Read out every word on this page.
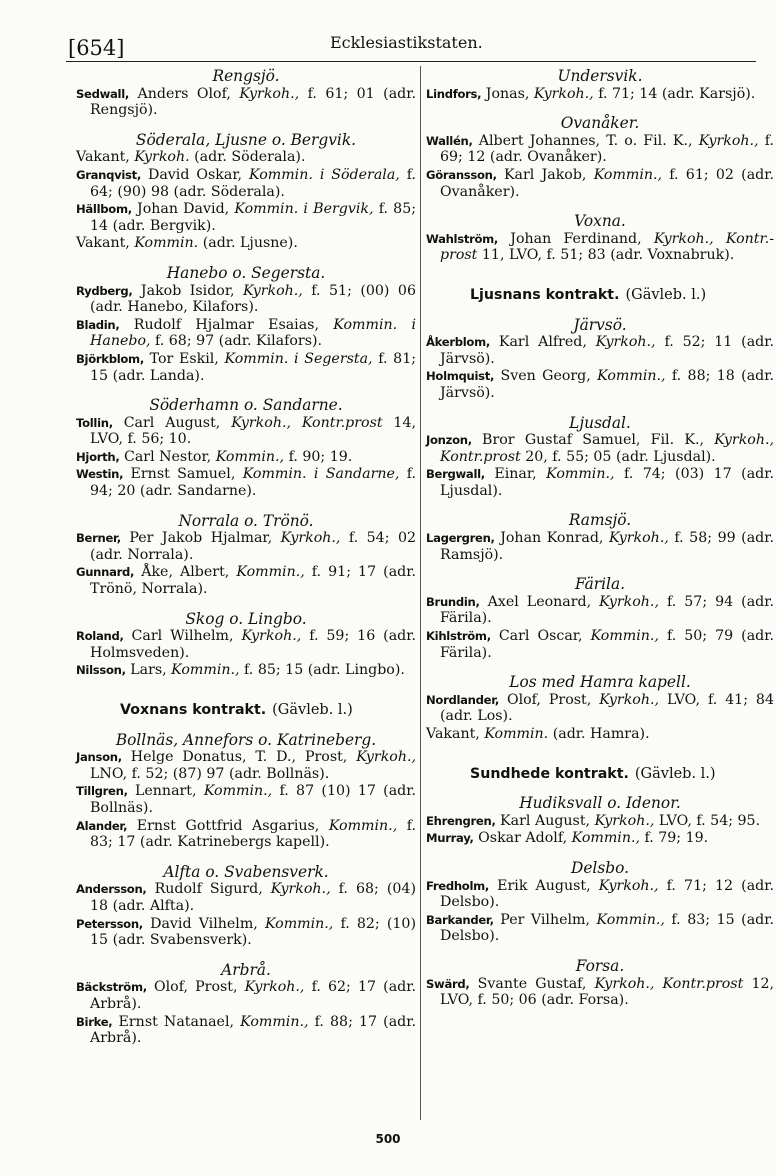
[654]	Ecklesiastikstaten.
Rengsjö.
Sedwall, Anders Olof, Kyrkoh., f. 61; 01 (adr. Rengsjö).
Söderala, Ljusne o. Bergvik.
Vakant, Kyrkoh. (adr. Söderala).
Granqvist, David Oskar, Kommin. i Söderala, f. 64; (90) 98 (adr. Söderala).
Hällbom, Johan David, Kommin. i Bergvik, f. 85; 14 (adr. Bergvik).
Vakant, Kommin. (adr. Ljusne).
Hanebo o. Segersta.
Rydberg, Jakob Isidor, Kyrkoh., f. 51; (00) 06 (adr. Hanebo, Kilafors).
Bladin, Rudolf Hjalmar Esaias, Kommin. i Hanebo, f. 68; 97 (adr. Kilafors).
Björkblom, Tor Eskil, Kommin. i Segersta, f. 81; 15 (adr. Landa).
Söderhamn o. Sandarne.
Tollin, Carl August, Kyrkoh., Kontr.prost 14, LVO, f. 56; 10.
Hjorth, Carl Nestor, Kommin., f. 90; 19.
Westin, Ernst Samuel, Kommin. i Sandarne, f. 94; 20 (adr. Sandarne).
Norrala o. Trönö.
Berner, Per Jakob Hjalmar, Kyrkoh., f. 54; 02 (adr. Norrala).
Gunnard, Åke, Albert, Kommin., f. 91; 17 (adr. Trönö, Norrala).
Skog o. Lingbo.
Roland, Carl Wilhelm, Kyrkoh., f. 59; 16 (adr. Holmsveden).
Nilsson, Lars, Kommin., f. 85; 15 (adr. Lingbo).
Voxnans kontrakt. (Gävleb. l.)
Bollnäs, Annefors o. Katrineberg.
Janson, Helge Donatus, T. D., Prost, Kyrkoh., LNO, f. 52; (87) 97 (adr. Bollnäs).
Tillgren, Lennart, Kommin., f. 87 (10) 17 (adr. Bollnäs).
Alander, Ernst Gottfrid Asgarius, Kommin., f. 83; 17 (adr. Katrinebergs kapell).
Alfta o. Svabensverk.
Andersson, Rudolf Sigurd, Kyrkoh., f. 68; (04) 18 (adr. Alfta).
Petersson, David Vilhelm, Kommin., f. 82; (10) 15 (adr. Svabensverk).
Arbrå.
Bäckström, Olof, Prost, Kyrkoh., f. 62; 17 (adr. Arbrå).
Birke, Ernst Natanael, Kommin., f. 88; 17 (adr. Arbrå).
Undersvik.
Lindfors, Jonas, Kyrkoh., f. 71; 14 (adr. Karsjö).
Ovanåker.
Wallén, Albert Johannes, T. o. Fil. K., Kyrkoh., f. 69; 12 (adr. Ovanåker).
Göransson, Karl Jakob, Kommin., f. 61; 02 (adr. Ovanåker).
Voxna.
Wahlström, Johan Ferdinand, Kyrkoh., Kontr.-prost 11, LVO, f. 51; 83 (adr. Voxnabruk).
Ljusnans kontrakt. (Gävleb. l.)
Järvsö.
Åkerblom, Karl Alfred, Kyrkoh., f. 52; 11 (adr. Järvsö).
Holmquist, Sven Georg, Kommin., f. 88; 18 (adr. Järvsö).
Ljusdal.
Jonzon, Bror Gustaf Samuel, Fil. K., Kyrkoh., Kontr.prost 20, f. 55; 05 (adr. Ljusdal).
Bergwall, Einar, Kommin., f. 74; (03) 17 (adr. Ljusdal).
Ramsjö.
Lagergren, Johan Konrad, Kyrkoh., f. 58; 99 (adr. Ramsjö).
Färila.
Brundin, Axel Leonard, Kyrkoh., f. 57; 94 (adr. Färila).
Kihlström, Carl Oscar, Kommin., f. 50; 79 (adr. Färila).
Los med Hamra kapell.
Nordlander, Olof, Prost, Kyrkoh., LVO, f. 41; 84 (adr. Los).
Vakant, Kommin. (adr. Hamra).
Sundhede kontrakt. (Gävleb. l.)
Hudiksvall o. Idenor.
Ehrengren, Karl August, Kyrkoh., LVO, f. 54; 95.
Murray, Oskar Adolf, Kommin., f. 79; 19.
Delsbo.
Fredholm, Erik August, Kyrkoh., f. 71; 12 (adr. Delsbo).
Barkander, Per Vilhelm, Kommin., f. 83; 15 (adr. Delsbo).
Forsa.
Swärd, Svante Gustaf, Kyrkoh., Kontr.prost 12, LVO, f. 50; 06 (adr. Forsa).
500
